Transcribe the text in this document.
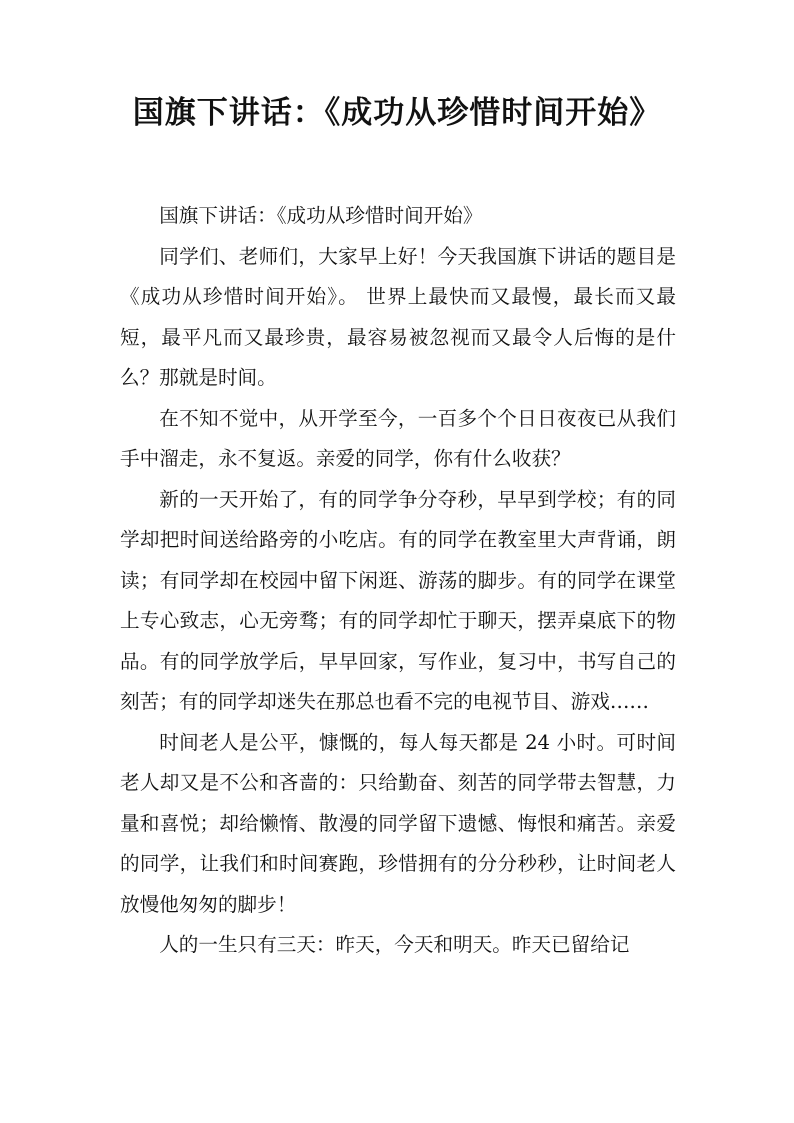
国旗下讲话：《成功从珍惜时间开始》

国旗下讲话：《成功从珍惜时间开始》

同学们、老师们，大家早上好！今天我国旗下讲话的题目是《成功从珍惜时间开始》。 世界上最快而又最慢，最长而又最短，最平凡而又最珍贵，最容易被忽视而又最令人后悔的是什么？那就是时间。

在不知不觉中，从开学至今，一百多个个日日夜夜已从我们手中溜走，永不复返。亲爱的同学，你有什么收获？

新的一天开始了，有的同学争分夺秒，早早到学校；有的同学却把时间送给路旁的小吃店。有的同学在教室里大声背诵，朗读；有同学却在校园中留下闲逛、游荡的脚步。有的同学在课堂上专心致志，心无旁骛；有的同学却忙于聊天，摆弄桌底下的物品。有的同学放学后，早早回家，写作业，复习中，书写自己的刻苦；有的同学却迷失在那总也看不完的电视节目、游戏……

时间老人是公平，慷慨的，每人每天都是 24 小时。可时间老人却又是不公和吝啬的：只给勤奋、刻苦的同学带去智慧，力量和喜悦；却给懒惰、散漫的同学留下遗憾、悔恨和痛苦。亲爱的同学，让我们和时间赛跑，珍惜拥有的分分秒秒，让时间老人放慢他匆匆的脚步！

人的一生只有三天：昨天，今天和明天。昨天已留给记
